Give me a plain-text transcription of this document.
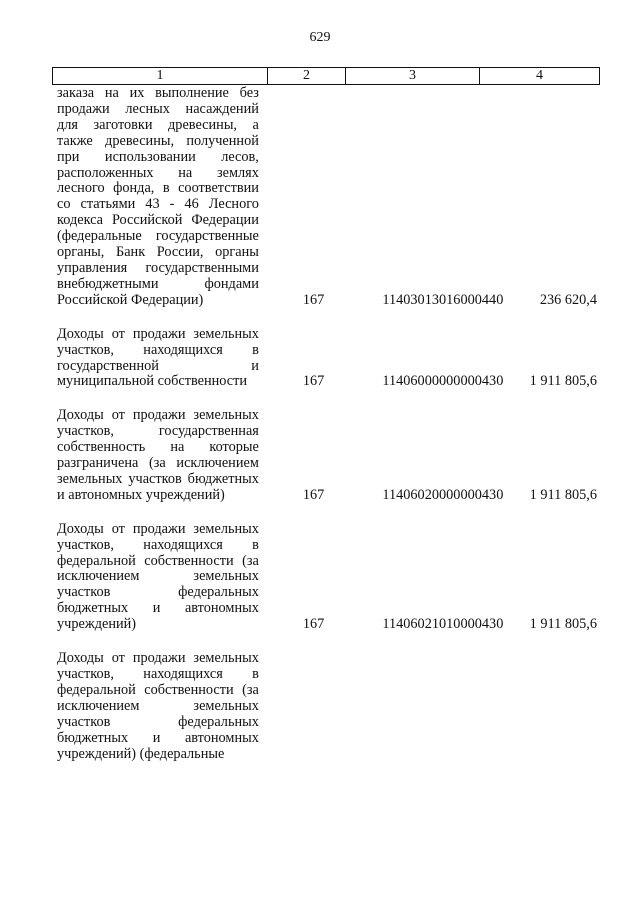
629
1	2	3	4
заказа на их выполнение без продажи лесных насаждений для заготовки древесины, а также древесины, полученной при использовании лесов, расположенных на землях лесного фонда, в соответствии со статьями 43 - 46 Лесного кодекса Российской Федерации (федеральные государственные органы, Банк России, органы управления государственными внебюджетными фондами Российской Федерации)	167	11403013016000440	236 620,4
Доходы от продажи земельных участков, находящихся в государственной и муниципальной собственности	167	11406000000000430	1 911 805,6
Доходы от продажи земельных участков, государственная собственность на которые разграничена (за исключением земельных участков бюджетных и автономных учреждений)	167	11406020000000430	1 911 805,6
Доходы от продажи земельных участков, находящихся в федеральной собственности (за исключением земельных участков федеральных бюджетных и автономных учреждений)	167	11406021010000430	1 911 805,6
Доходы от продажи земельных участков, находящихся в федеральной собственности (за исключением земельных участков федеральных бюджетных и автономных учреждений) (федеральные
